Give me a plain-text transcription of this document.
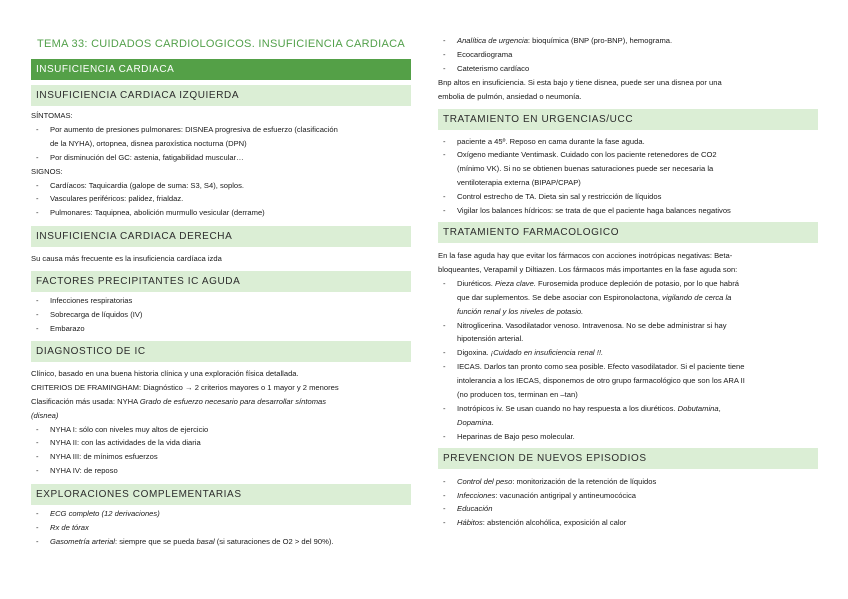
TEMA 33: CUIDADOS CARDIOLOGICOS. INSUFICIENCIA CARDIACA
INSUFICIENCIA CARDIACA
INSUFICIENCIA CARDIACA IZQUIERDA
SÍNTOMAS:
- Por aumento de presiones pulmonares: DISNEA progresiva de esfuerzo (clasificación
de la NYHA), ortopnea, disnea paroxística nocturna (DPN)
- Por disminución del GC: astenia, fatigabilidad muscular…
SIGNOS:
- Cardíacos: Taquicardia (galope de suma: S3, S4), soplos.
- Vasculares periféricos: palidez, frialdaz.
- Pulmonares: Taquipnea, abolición murmullo vesicular (derrame)
INSUFICIENCIA CARDIACA DERECHA
Su causa más frecuente es la insuficiencia cardíaca izda
FACTORES PRECIPITANTES IC AGUDA
- Infecciones respiratorias
- Sobrecarga de líquidos (IV)
- Embarazo
DIAGNOSTICO DE IC
Clínico, basado en una buena historia clínica y una exploración física detallada.
CRITERIOS DE FRAMINGHAM: Diagnóstico → 2 criterios mayores o 1 mayor y 2 menores
Clasificación más usada: NYHA Grado de esfuerzo necesario para desarrollar síntomas
(disnea)
- NYHA I: sólo con niveles muy altos de ejercicio
- NYHA II: con las actividades de la vida diaria
- NYHA III: de mínimos esfuerzos
- NYHA IV: de reposo
EXPLORACIONES COMPLEMENTARIAS
- ECG completo (12 derivaciones)
- Rx de tórax
- Gasometría arterial: siempre que se pueda basal (si saturaciones de O2 > del 90%).
- Analítica de urgencia: bioquímica (BNP (pro-BNP), hemograma.
- Ecocardiograma
- Cateterismo cardíaco
Bnp altos en insuficiencia. Si esta bajo y tiene disnea, puede ser una disnea por una
embolia de pulmón, ansiedad o neumonía.
TRATAMIENTO EN URGENCIAS/UCC
- paciente a 45º. Reposo en cama durante la fase aguda.
- Oxígeno mediante Ventimask. Cuidado con los paciente retenedores de CO2
(mínimo VK). Si no se obtienen buenas saturaciones puede ser necesaria la
ventiloterapia externa (BIPAP/CPAP)
- Control estrecho de TA. Dieta sin sal y restricción de líquidos
- Vigilar los balances hídricos: se trata de que el paciente haga balances negativos
TRATAMIENTO FARMACOLOGICO
En la fase aguda hay que evitar los fármacos con acciones inotrópicas negativas: Beta-
bloqueantes, Verapamil y Diltiazen. Los fármacos más importantes en la fase aguda son:
- Diuréticos. Pieza clave. Furosemida produce depleción de potasio, por lo que habrá
que dar suplementos. Se debe asociar con Espironolactona, vigilando de cerca la
función renal y los niveles de potasio.
- Nitroglicerina. Vasodilatador venoso. Intravenosa. No se debe administrar si hay
hipotensión arterial.
- Digoxina. ¡Cuidado en insuficiencia renal !!.
- IECAS. Darlos tan pronto como sea posible. Efecto vasodilatador. Si el paciente tiene
intolerancia a los IECAS, disponemos de otro grupo farmacológico que son los ARA II
(no producen tos, terminan en –tan)
- Inotrópicos iv. Se usan cuando no hay respuesta a los diuréticos. Dobutamina,
Dopamina.
- Heparinas de Bajo peso molecular.
PREVENCION DE NUEVOS EPISODIOS
- Control del peso: monitorización de la retención de líquidos
- Infecciones: vacunación antigripal y antineumocócica
- Educación
- Hábitos: abstención alcohólica, exposición al calor
